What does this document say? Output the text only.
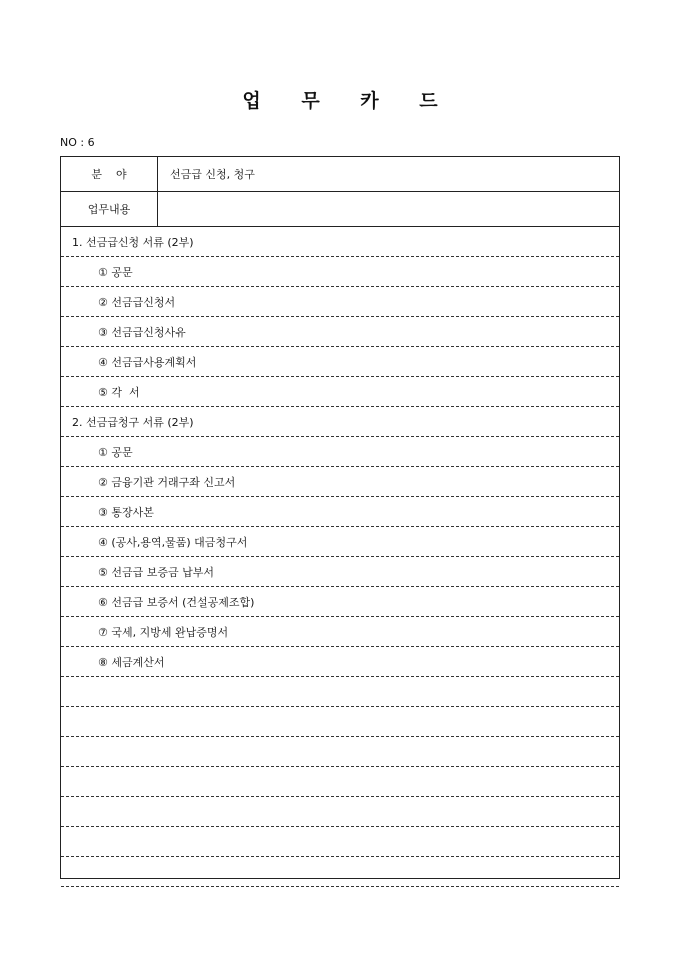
업 무 카 드
NO : 6
분    야	선금급 신청, 청구
업무내용
1. 선금급신청 서류 (2부)
① 공문
② 선금급신청서
③ 선금급신청사유
④ 선금급사용계획서
⑤ 각  서
2. 선금급청구 서류 (2부)
① 공문
② 금융기관 거래구좌 신고서
③ 통장사본
④ (공사,용역,물품) 대금청구서
⑤ 선금급 보증금 납부서
⑥ 선금급 보증서 (건설공제조합)
⑦ 국세, 지방세 완납증명서
⑧ 세금계산서
